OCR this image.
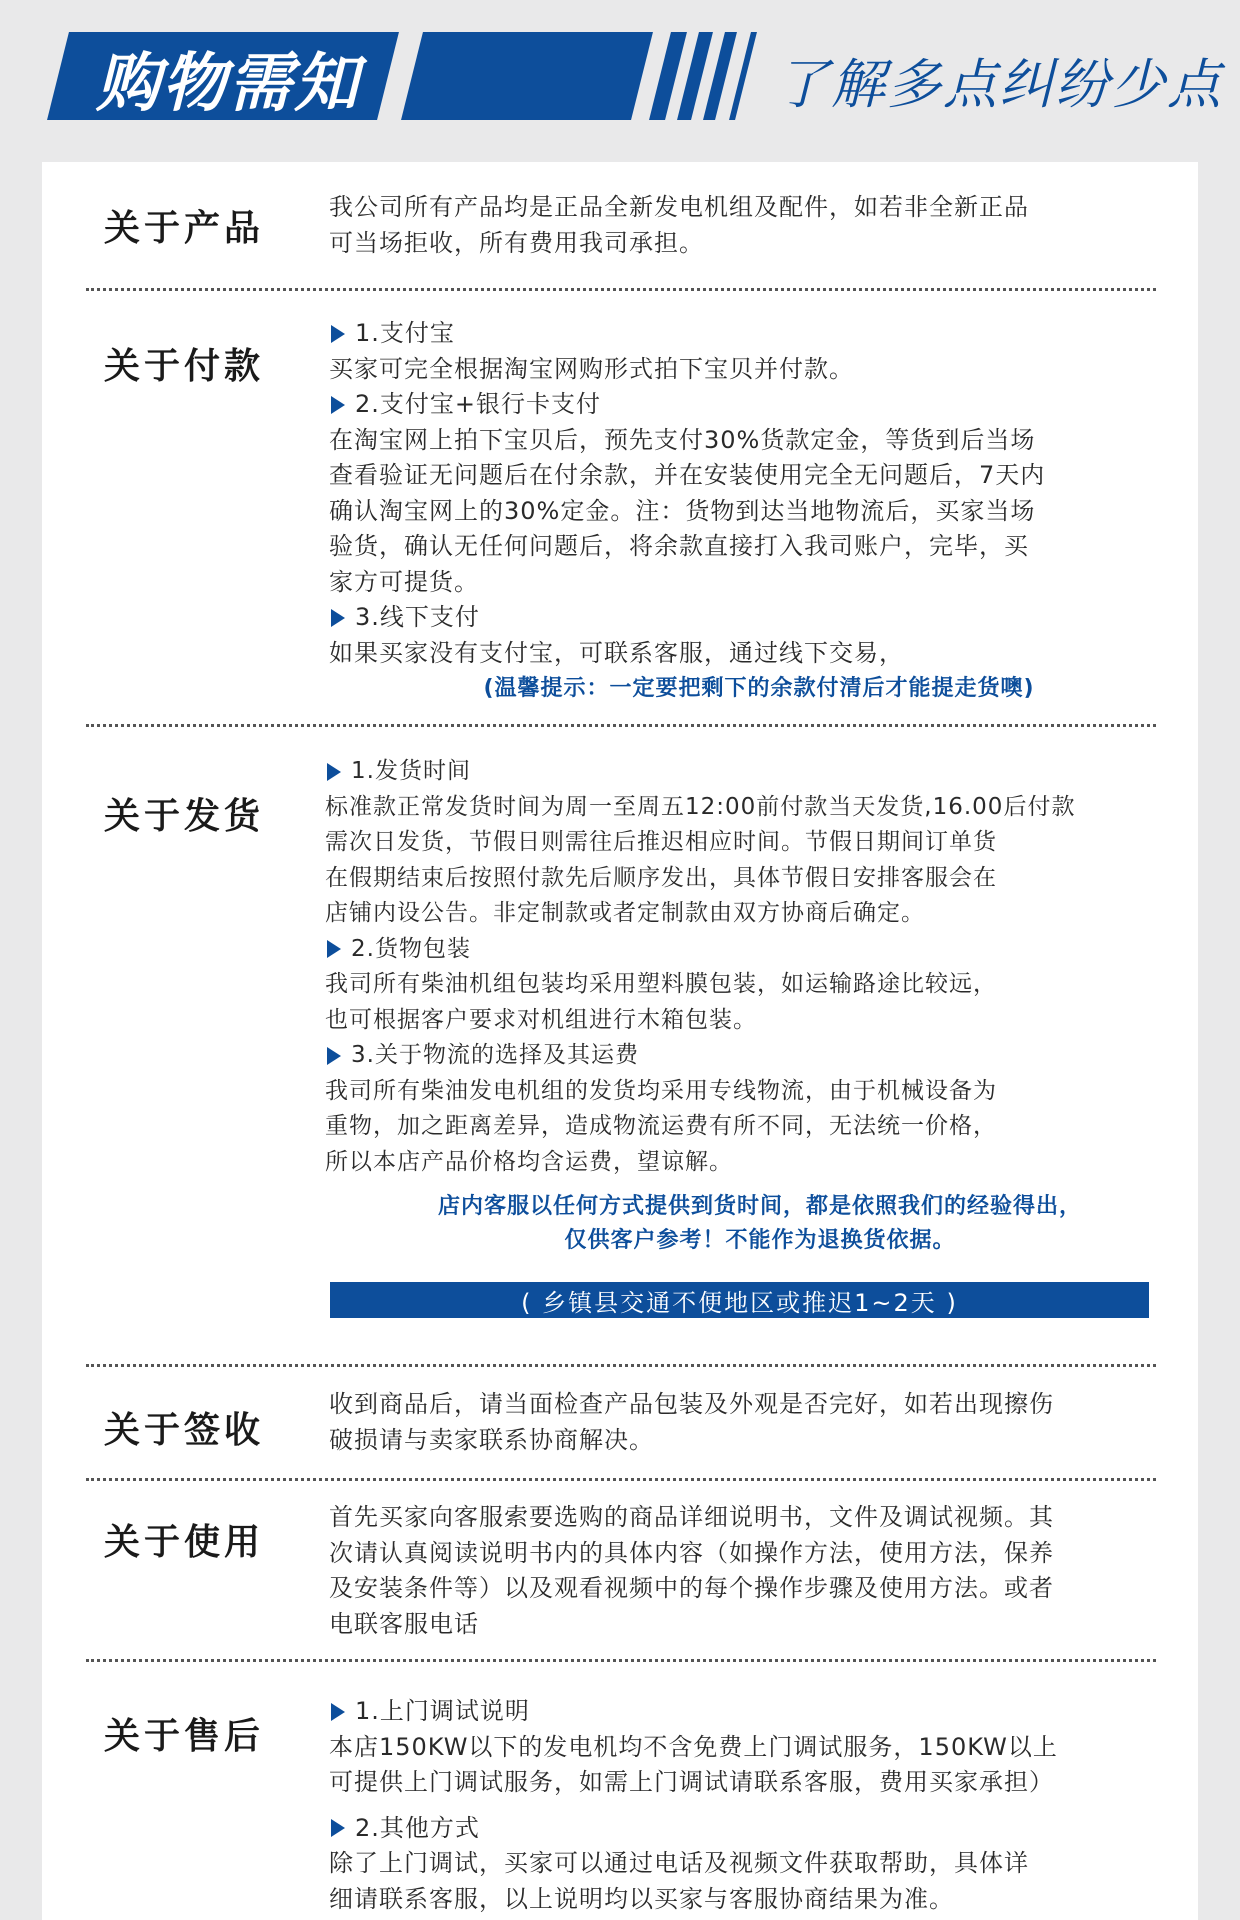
购物需知	了解多点纠纷少点
关于产品

我公司所有产品均是正品全新发电机组及配件，如若非全新正品

可当场拒收，所有费用我司承担。

关于付款
1.支付宝

买家可完全根据淘宝网购形式拍下宝贝并付款。

2.支付宝+银行卡支付

在淘宝网上拍下宝贝后，预先支付30%货款定金，等货到后当场

查看验证无问题后在付余款，并在安装使用完全无问题后，7天内

确认淘宝网上的30%定金。注：货物到达当地物流后，买家当场

验货，确认无任何问题后，将余款直接打入我司账户，完毕，买

家方可提货。

3.线下支付

如果买家没有支付宝，可联系客服，通过线下交易，

(温馨提示：一定要把剩下的余款付清后才能提走货噢)

关于发货
1.发货时间

标准款正常发货时间为周一至周五12:00前付款当天发货,16.00后付款

需次日发货，节假日则需往后推迟相应时间。节假日期间订单货

在假期结束后按照付款先后顺序发出，具体节假日安排客服会在

店铺内设公告。非定制款或者定制款由双方协商后确定。

2.货物包装

我司所有柴油机组包装均采用塑料膜包装，如运输路途比较远，

也可根据客户要求对机组进行木箱包装。

3.关于物流的选择及其运费

我司所有柴油发电机组的发货均采用专线物流，由于机械设备为

重物，加之距离差异，造成物流运费有所不同，无法统一价格，

所以本店产品价格均含运费，望谅解。

店内客服以任何方式提供到货时间，都是依照我们的经验得出，

仅供客户参考！不能作为退换货依据。

( 乡镇县交通不便地区或推迟1~2天 )
关于签收

收到商品后，请当面检查产品包装及外观是否完好，如若出现擦伤

破损请与卖家联系协商解决。

关于使用

首先买家向客服索要选购的商品详细说明书，文件及调试视频。其

次请认真阅读说明书内的具体内容（如操作方法，使用方法，保养

及安装条件等）以及观看视频中的每个操作步骤及使用方法。或者

电联客服电话

关于售后
1.上门调试说明

本店150KW以下的发电机均不含免费上门调试服务，150KW以上

可提供上门调试服务，如需上门调试请联系客服，费用买家承担）

2.其他方式

除了上门调试，买家可以通过电话及视频文件获取帮助，具体详

细请联系客服，以上说明均以买家与客服协商结果为准。
